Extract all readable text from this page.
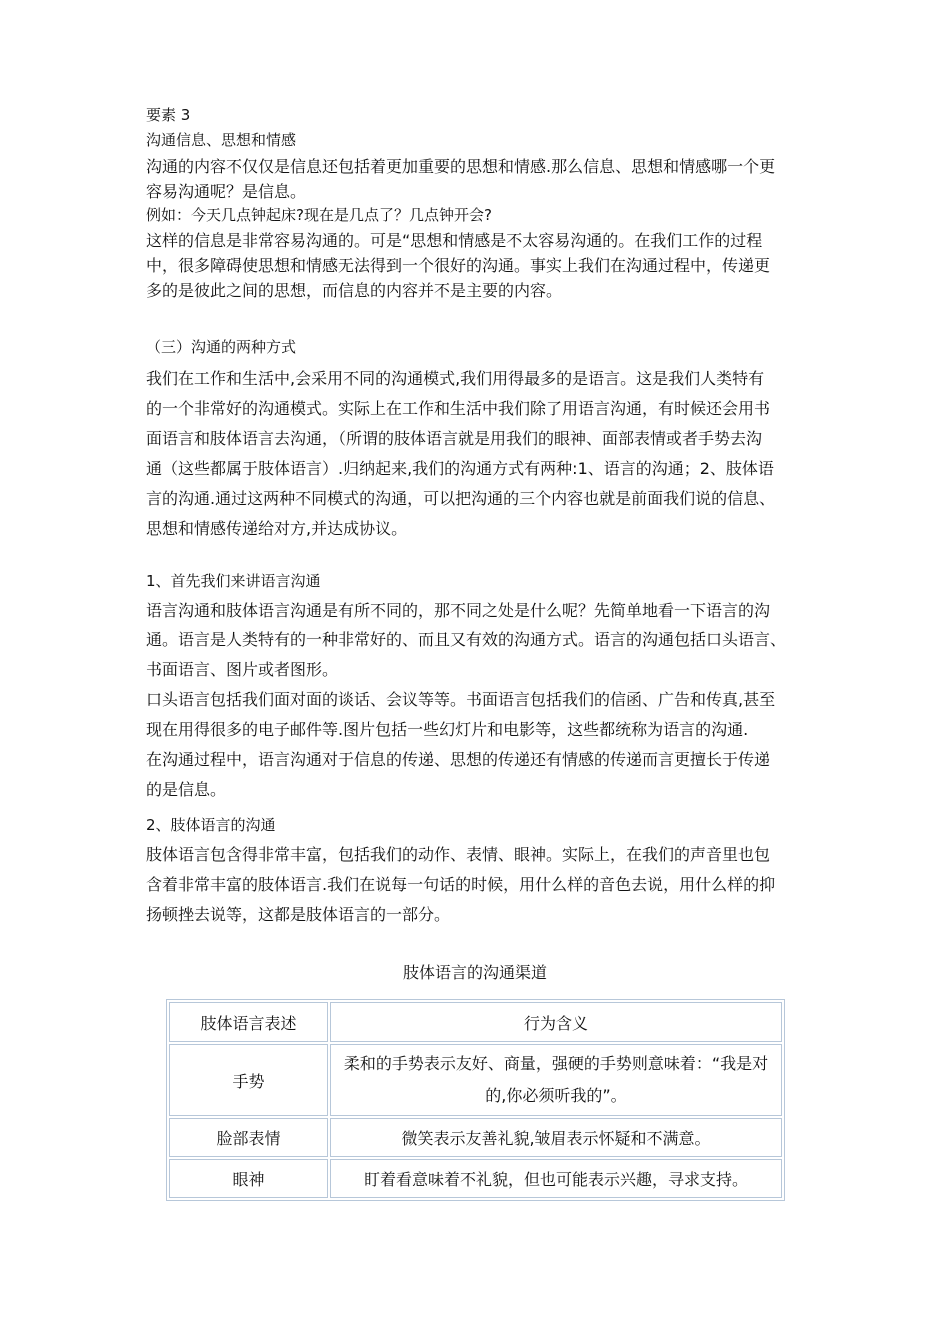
要素 3
沟通信息、思想和情感
沟通的内容不仅仅是信息还包括着更加重要的思想和情感.那么信息、思想和情感哪一个更
容易沟通呢？是信息。
例如：今天几点钟起床?现在是几点了？几点钟开会?
这样的信息是非常容易沟通的。可是“思想和情感是不太容易沟通的。在我们工作的过程
中，很多障碍使思想和情感无法得到一个很好的沟通。事实上我们在沟通过程中，传递更
多的是彼此之间的思想，而信息的内容并不是主要的内容。
（三）沟通的两种方式
我们在工作和生活中,会采用不同的沟通模式,我们用得最多的是语言。这是我们人类特有
的一个非常好的沟通模式。实际上在工作和生活中我们除了用语言沟通，有时候还会用书
面语言和肢体语言去沟通，（所谓的肢体语言就是用我们的眼神、面部表情或者手势去沟
通（这些都属于肢体语言）.归纳起来,我们的沟通方式有两种:1、语言的沟通；2、肢体语
言的沟通.通过这两种不同模式的沟通，可以把沟通的三个内容也就是前面我们说的信息、
思想和情感传递给对方,并达成协议。
1、首先我们来讲语言沟通
语言沟通和肢体语言沟通是有所不同的，那不同之处是什么呢？先简单地看一下语言的沟
通。语言是人类特有的一种非常好的、而且又有效的沟通方式。语言的沟通包括口头语言、
书面语言、图片或者图形。
口头语言包括我们面对面的谈话、会议等等。书面语言包括我们的信函、广告和传真,甚至
现在用得很多的电子邮件等.图片包括一些幻灯片和电影等，这些都统称为语言的沟通.
在沟通过程中，语言沟通对于信息的传递、思想的传递还有情感的传递而言更擅长于传递
的是信息。
2、肢体语言的沟通
肢体语言包含得非常丰富，包括我们的动作、表情、眼神。实际上，在我们的声音里也包
含着非常丰富的肢体语言.我们在说每一句话的时候，用什么样的音色去说，用什么样的抑
扬顿挫去说等，这都是肢体语言的一部分。
肢体语言的沟通渠道
肢体语言表述	行为含义
手势	柔和的手势表示友好、商量，强硬的手势则意味着：“我是对
的,你必须听我的”。

脸部表情	微笑表示友善礼貌,皱眉表示怀疑和不满意。
眼神	盯着看意味着不礼貌，但也可能表示兴趣，寻求支持。
